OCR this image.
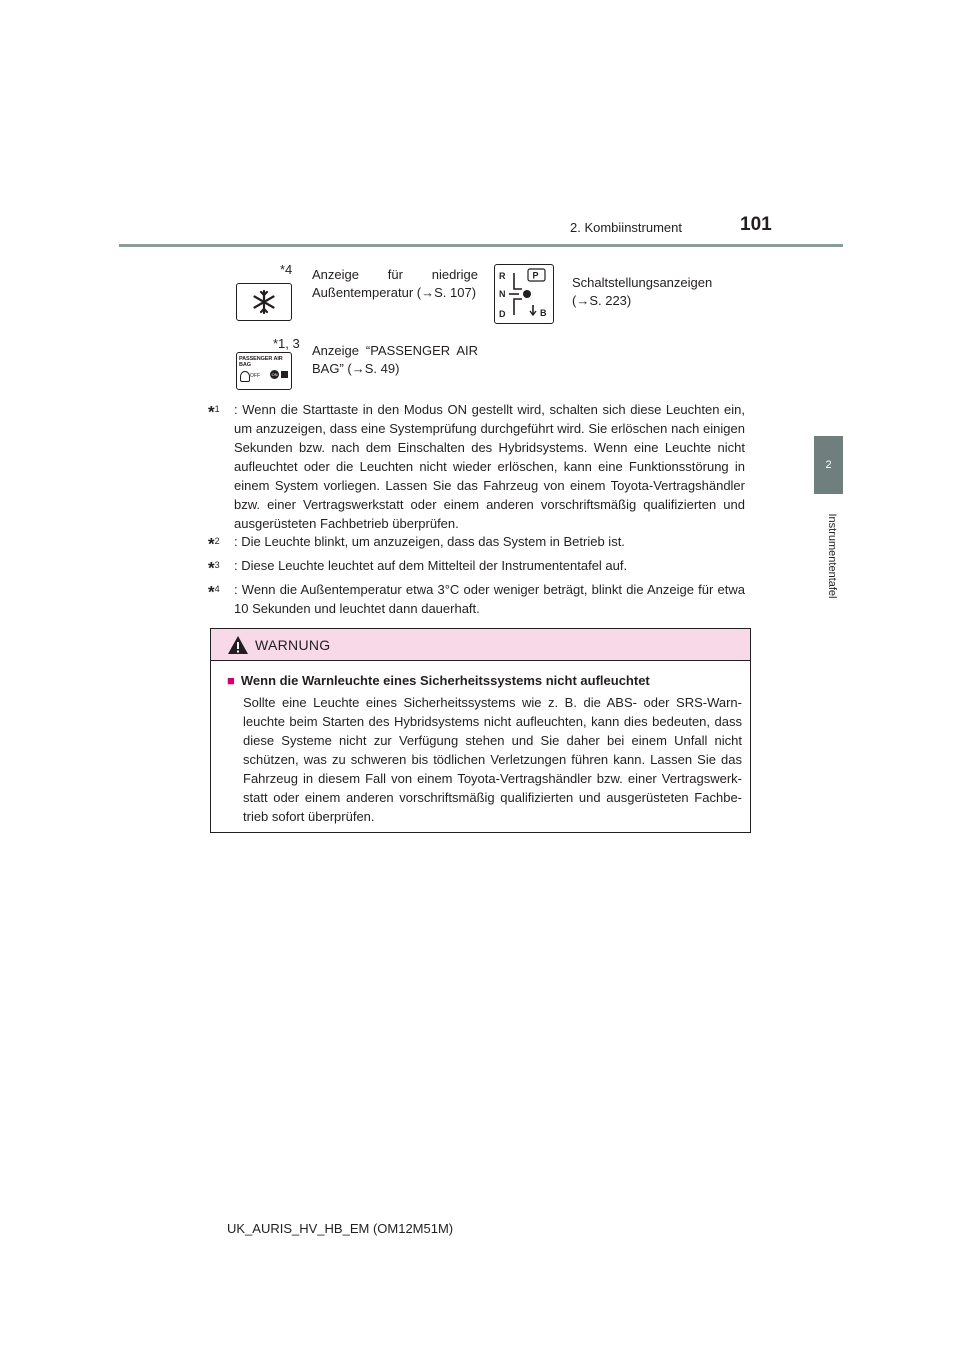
2. Kombiinstrument	101
2
Instrumententafel
*4 Anzeige für niedrige Außentemperatur (→S. 107)
R
N
D	B
P	Schaltstellungsanzeigen
(→S. 223)
*1, 3
PASSENGER AIR BAG
OFF	ON
Anzeige “PASSENGER AIR BAG” (→S. 49)
*$^1$ : Wenn die Starttaste in den Modus ON gestellt wird, schalten sich diese Leuchten ein, um anzuzeigen, dass eine Systemprüfung durchgeführt wird. Sie erlöschen nach einigen Sekunden bzw. nach dem Einschalten des Hybridsystems. Wenn eine Leuchte nicht aufleuchtet oder die Leuchten nicht wieder erlöschen, kann eine Funktionsstörung in einem System vorliegen. Lassen Sie das Fahrzeug von einem Toyota-Vertragshändler bzw. einer Vertragswerkstatt oder einem anderen vorschriftsmäßig qualifizierten und ausgerüsteten Fachbetrieb überprüfen.
*$^2$ : Die Leuchte blinkt, um anzuzeigen, dass das System in Betrieb ist.
*$^3$ : Diese Leuchte leuchtet auf dem Mittelteil der Instrumententafel auf.
*$^4$ : Wenn die Außentemperatur etwa 3°C oder weniger beträgt, blinkt die Anzeige für etwa 10 Sekunden und leuchtet dann dauerhaft.
WARNUNG
■ Wenn die Warnleuchte eines Sicherheitssystems nicht aufleuchtet
Sollte eine Leuchte eines Sicherheitssystems wie z. B. die ABS- oder SRS-Warn-leuchte beim Starten des Hybridsystems nicht aufleuchten, kann dies bedeuten, dass diese Systeme nicht zur Verfügung stehen und Sie daher bei einem Unfall nicht schützen, was zu schweren bis tödlichen Verletzungen führen kann. Lassen Sie das Fahrzeug in diesem Fall von einem Toyota-Vertragshändler bzw. einer Vertragswerk-statt oder einem anderen vorschriftsmäßig qualifizierten und ausgerüsteten Fachbe-trieb sofort überprüfen.
UK_AURIS_HV_HB_EM (OM12M51M)
